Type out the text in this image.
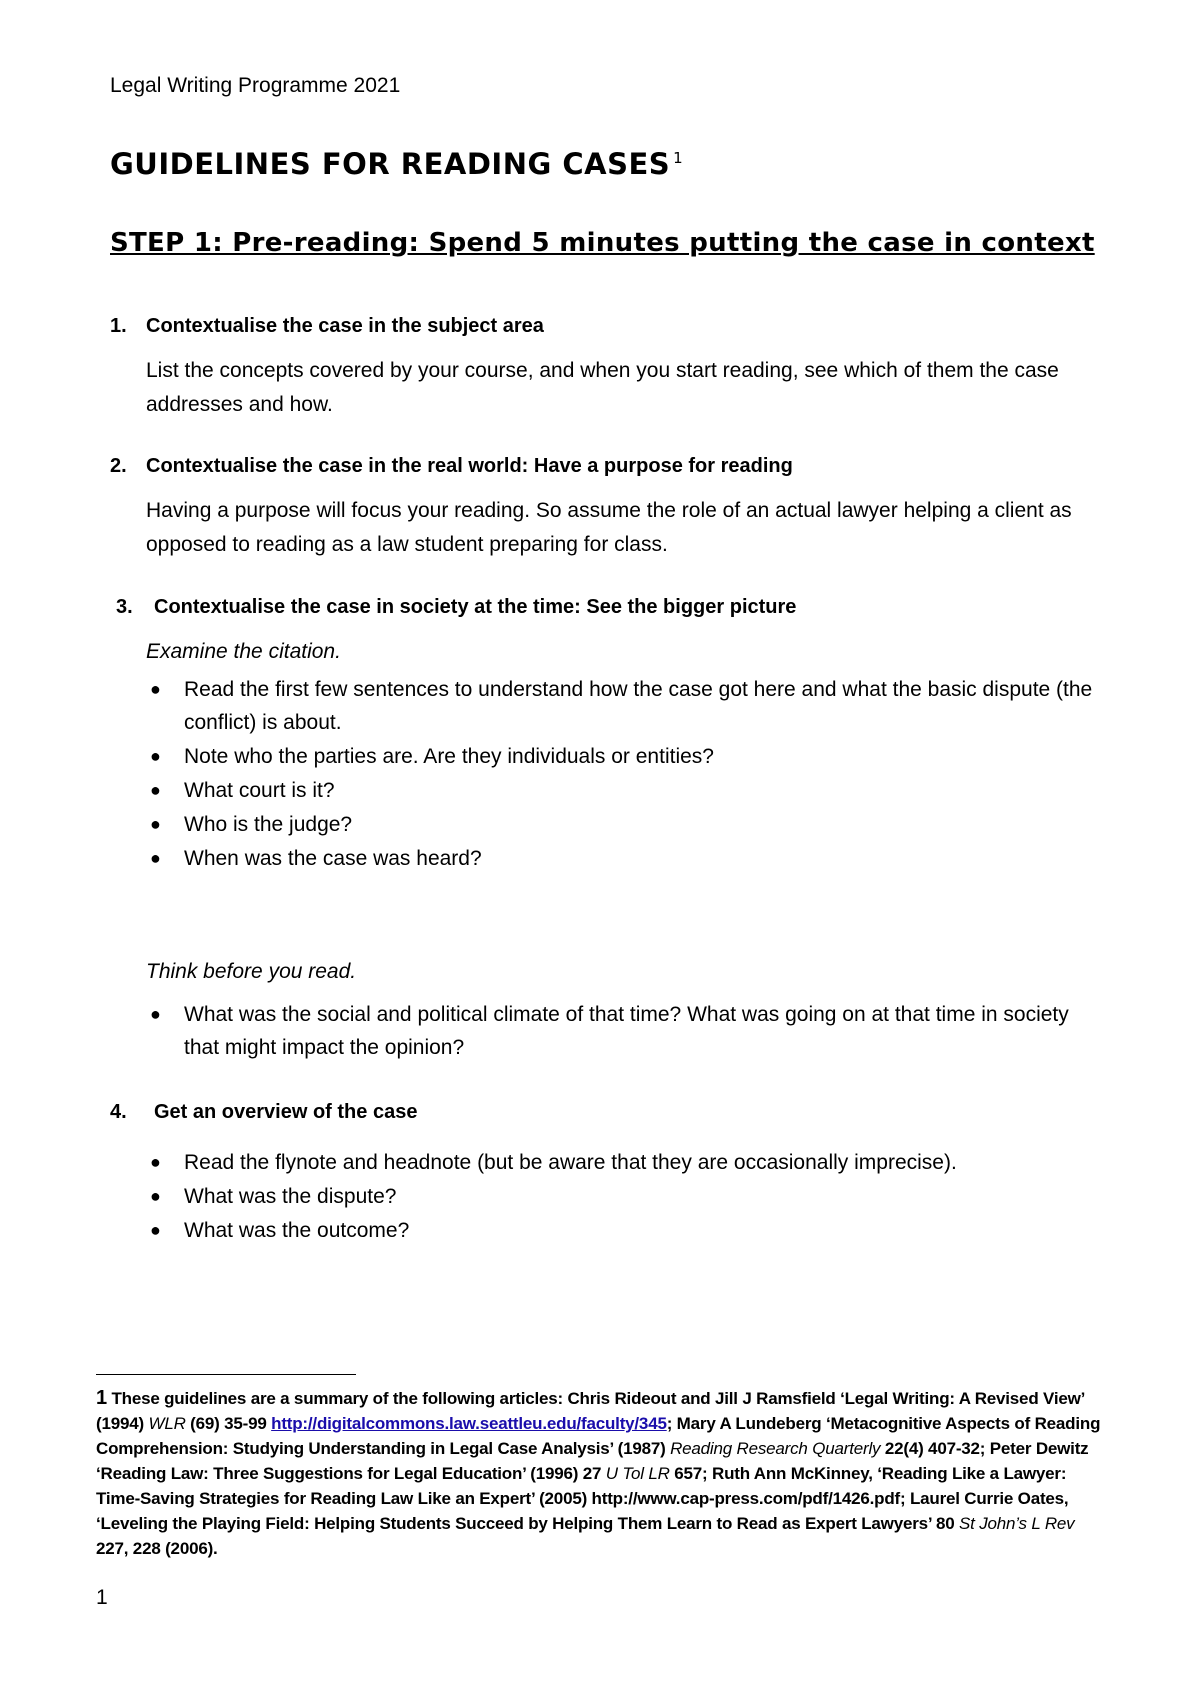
Legal Writing Programme 2021

GUIDELINES FOR READING CASES $^1$
STEP 1: Pre-reading: Spend 5 minutes putting the case in context
1. Contextualise the case in the subject area

List the concepts covered by your course, and when you start reading, see which of them the case addresses and how.

2. Contextualise the case in the real world: Have a purpose for reading

Having a purpose will focus your reading. So assume the role of an actual lawyer helping a client as opposed to reading as a law student preparing for class.

3. Contextualise the case in society at the time: See the bigger picture

Examine the citation.

● Read the first few sentences to understand how the case got here and what the basic dispute (the conflict) is about.
● Note who the parties are. Are they individuals or entities?
● What court is it?
● Who is the judge?
● When was the case was heard?

Think before you read.

● What was the social and political climate of that time? What was going on at that time in society that might impact the opinion?
4. Get an overview of the case
● Read the flynote and headnote (but be aware that they are occasionally imprecise).
● What was the dispute?
● What was the outcome?

1 These guidelines are a summary of the following articles: Chris Rideout and Jill J Ramsfield ‘Legal Writing: A Revised View’ (1994) WLR (69) 35-99 http://digitalcommons.law.seattleu.edu/faculty/345; Mary A Lundeberg ‘Metacognitive Aspects of Reading Comprehension: Studying Understanding in Legal Case Analysis’ (1987) Reading Research Quarterly 22(4) 407-32; Peter Dewitz ‘Reading Law: Three Suggestions for Legal Education’ (1996) 27 U Tol LR 657; Ruth Ann McKinney, ‘Reading Like a Lawyer: Time-Saving Strategies for Reading Law Like an Expert’ (2005) http://www.cap-press.com/pdf/1426.pdf; Laurel Currie Oates, ‘Leveling the Playing Field: Helping Students Succeed by Helping Them Learn to Read as Expert Lawyers’ 80 St John’s L Rev 227, 228 (2006).

1
